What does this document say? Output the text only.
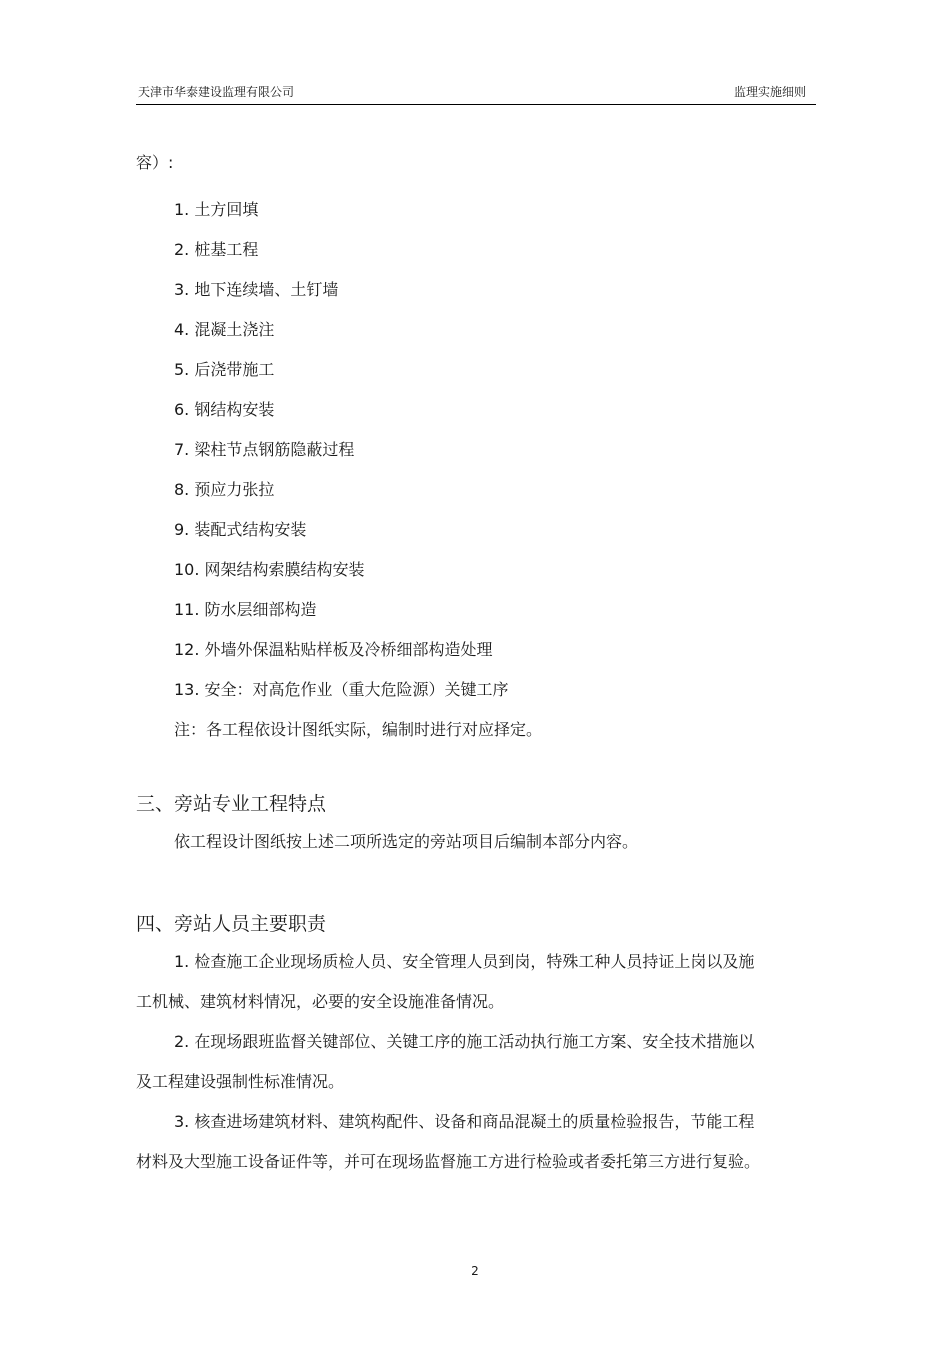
天津市华泰建设监理有限公司	监理实施细则
容）:
1. 土方回填
2. 桩基工程
3. 地下连续墙、土钉墙
4. 混凝土浇注
5. 后浇带施工
6. 钢结构安装
7. 梁柱节点钢筋隐蔽过程
8. 预应力张拉
9. 装配式结构安装
10. 网架结构索膜结构安装
11. 防水层细部构造
12. 外墙外保温粘贴样板及冷桥细部构造处理
13. 安全：对高危作业（重大危险源）关键工序
注：各工程依设计图纸实际，编制时进行对应择定。
三、旁站专业工程特点
依工程设计图纸按上述二项所选定的旁站项目后编制本部分内容。
四、旁站人员主要职责
1. 检查施工企业现场质检人员、安全管理人员到岗，特殊工种人员持证上岗以及施工机械、建筑材料情况，必要的安全设施准备情况。
2. 在现场跟班监督关键部位、关键工序的施工活动执行施工方案、安全技术措施以及工程建设强制性标准情况。
3. 核查进场建筑材料、建筑构配件、设备和商品混凝土的质量检验报告，节能工程材料及大型施工设备证件等，并可在现场监督施工方进行检验或者委托第三方进行复验。
2
